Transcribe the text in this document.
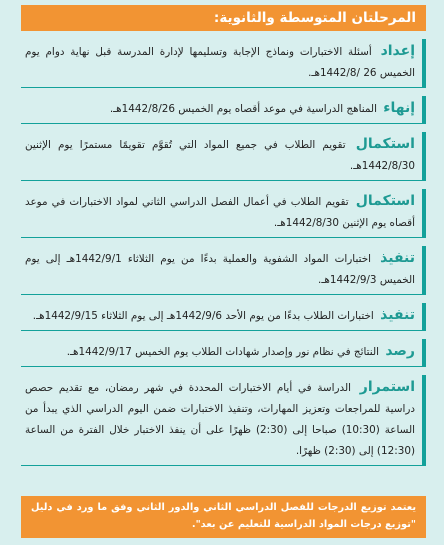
المرحلتان المتوسطة والثانوية:
إعداد أسئلة الاختبارات ونماذج الإجابة وتسليمها لإدارة المدرسة قبل نهاية دوام يوم الخميس 26 /1442/8هـ.
إنهاء المناهج الدراسية في موعد أقصاه يوم الخميس 1442/8/26هـ.
استكمال تقويم الطلاب في جميع المواد التي تُقوَّم تقويمًا مستمرًا يوم الإثنين 1442/8/30هـ.
استكمال تقويم الطلاب في أعمال الفصل الدراسي الثاني لمواد الاختبارات في موعد أقصاه يوم الإثنين 1442/8/30هـ.
تنفيذ اختبارات المواد الشفوية والعملية بدءًا من يوم الثلاثاء 1442/9/1هـ إلى يوم الخميس 1442/9/3هـ.
تنفيذ اختبارات الطلاب بدءًا من يوم الأحد 1442/9/6هـ إلى يوم الثلاثاء 1442/9/15هـ.
رصد النتائج في نظام نور وإصدار شهادات الطلاب يوم الخميس 1442/9/17هـ.
استمرار الدراسة في أيام الاختبارات المحددة في شهر رمضان، مع تقديم حصص دراسية للمراجعات وتعزيز المهارات، وتنفيذ الاختبارات ضمن اليوم الدراسي الذي يبدأ من الساعة (10:30) صباحا إلى (2:30) ظهرًا على أن ينفذ الاختبار خلال الفترة من الساعة (12:30) إلى (2:30) ظهرًا.
يعتمد توزيع الدرجات للفصل الدراسي الثاني والدور الثاني وفق ما ورد في دليل "توزيع درجات المواد الدراسية للتعليم عن بعد".
